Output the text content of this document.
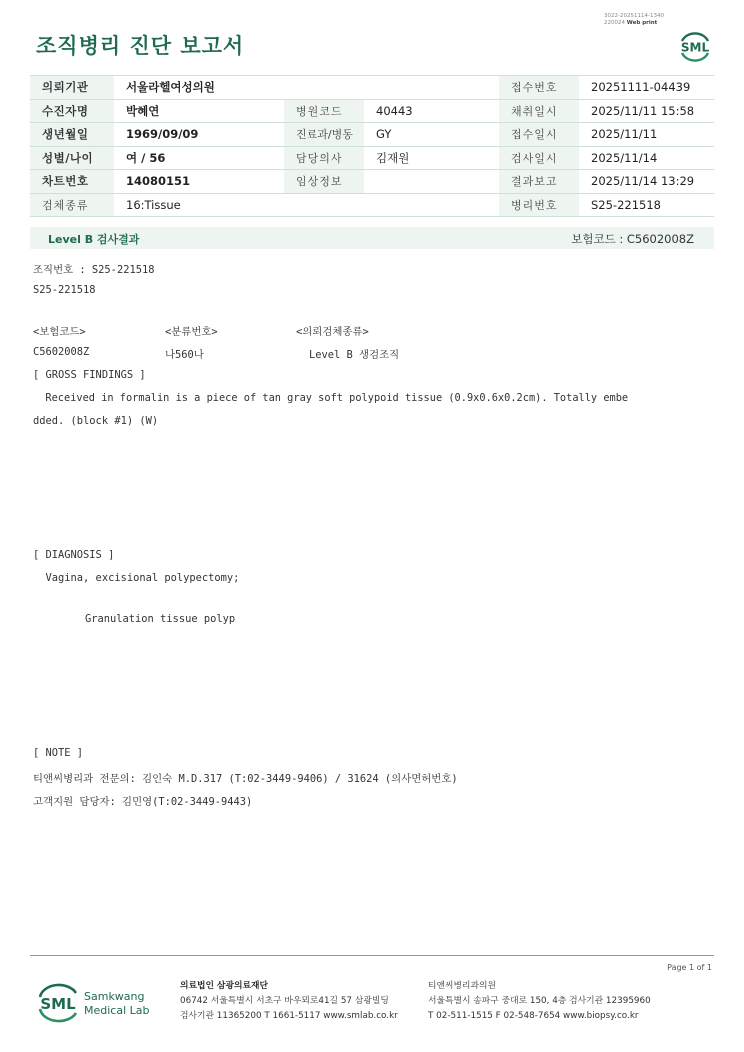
조직병리 진단 보고서
3022-20251114-1340
220024 Web print
SML
의뢰기관	서울라헬여성의원			접수번호	20251111-04439
수진자명	박혜연	병원코드	40443	채취일시	2025/11/11 15:58
생년월일	1969/09/09	진료과/병동	GY	접수일시	2025/11/11
성별/나이	여 / 56	담당의사	김재원	검사일시	2025/11/14
차트번호	14080151	임상정보		결과보고	2025/11/14 13:29
검체종류	16:Tissue			병리번호	S25-221518
Level B 검사결과	보험코드 : C5602008Z
조직번호 : S25-221518
S25-221518
<보험코드>	<분류번호>	<의뢰검체종류>
C5602008Z	나560나	Level B 생검조직
[ GROSS FINDINGS ]
Received in formalin is a piece of tan gray soft polypoid tissue (0.9x0.6x0.2cm). Totally embe
dded. (block #1) (W)
[ DIAGNOSIS ]
Vagina, excisional polypectomy;
Granulation tissue polyp
[ NOTE ]
티앤씨병리과 전문의: 김인숙 M.D.317 (T:02-3449-9406) / 31624 (의사면허번호)
고객지원 담당자: 김민영(T:02-3449-9443)
Page 1 of 1
SML Samkwang
Medical Lab
의료법인 삼광의료재단
06742 서울특별시 서초구 바우뫼로41길 57 삼광빌딩
검사기관 11365200 T 1661-5117 www.smlab.co.kr
티앤씨병리과의원
서울특별시 송파구 중대로 150, 4층 검사기관 12395960
T 02-511-1515 F 02-548-7654 www.biopsy.co.kr
